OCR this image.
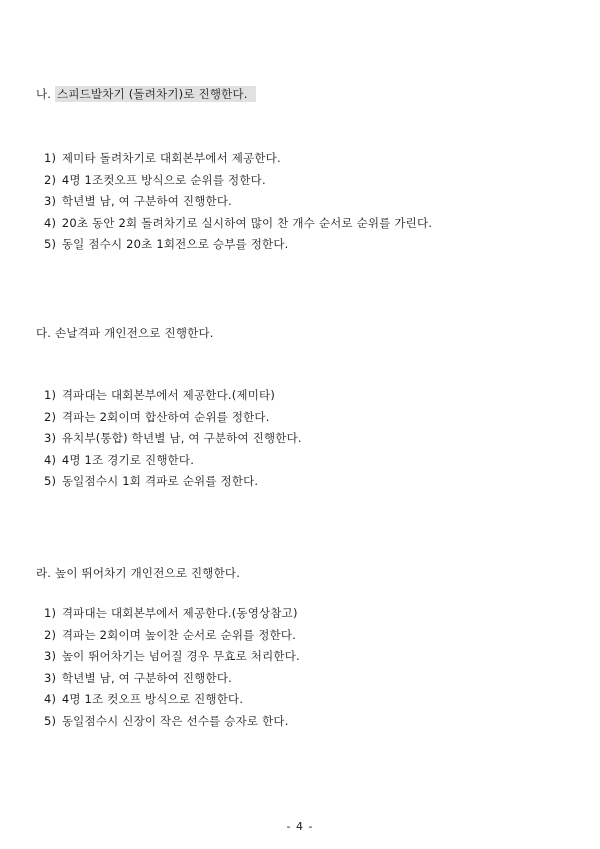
나. 스피드발차기 (돌려차기)로 진행한다.
1) 제미타 돌려차기로 대회본부에서 제공한다.
2) 4명 1조컷오프 방식으로 순위를 정한다.
3) 학년별 남, 여 구분하여 진행한다.
4) 20초 동안 2회 돌려차기로 실시하여 많이 찬 개수 순서로 순위를 가린다.
5) 동일 점수시 20초 1회전으로 승부를 정한다.
다. 손날격파 개인전으로 진행한다.
1) 격파대는 대회본부에서 제공한다.(제미타)
2) 격파는 2회이며 합산하여 순위를 정한다.
3) 유치부(통합) 학년별 남, 여 구분하여 진행한다.
4) 4명 1조 경기로 진행한다.
5) 동일점수시 1회 격파로 순위를 정한다.
라. 높이 뛰어차기 개인전으로 진행한다.
1) 격파대는 대회본부에서 제공한다.(동영상참고)
2) 격파는 2회이며 높이찬 순서로 순위를 정한다.
3) 높이 뛰어차기는 넘어질 경우 무효로 처리한다.
3) 학년별 남, 여 구분하여 진행한다.
4) 4명 1조 컷오프 방식으로 진행한다.
5) 동일점수시 신장이 작은 선수를 승자로 한다.
- 4 -
